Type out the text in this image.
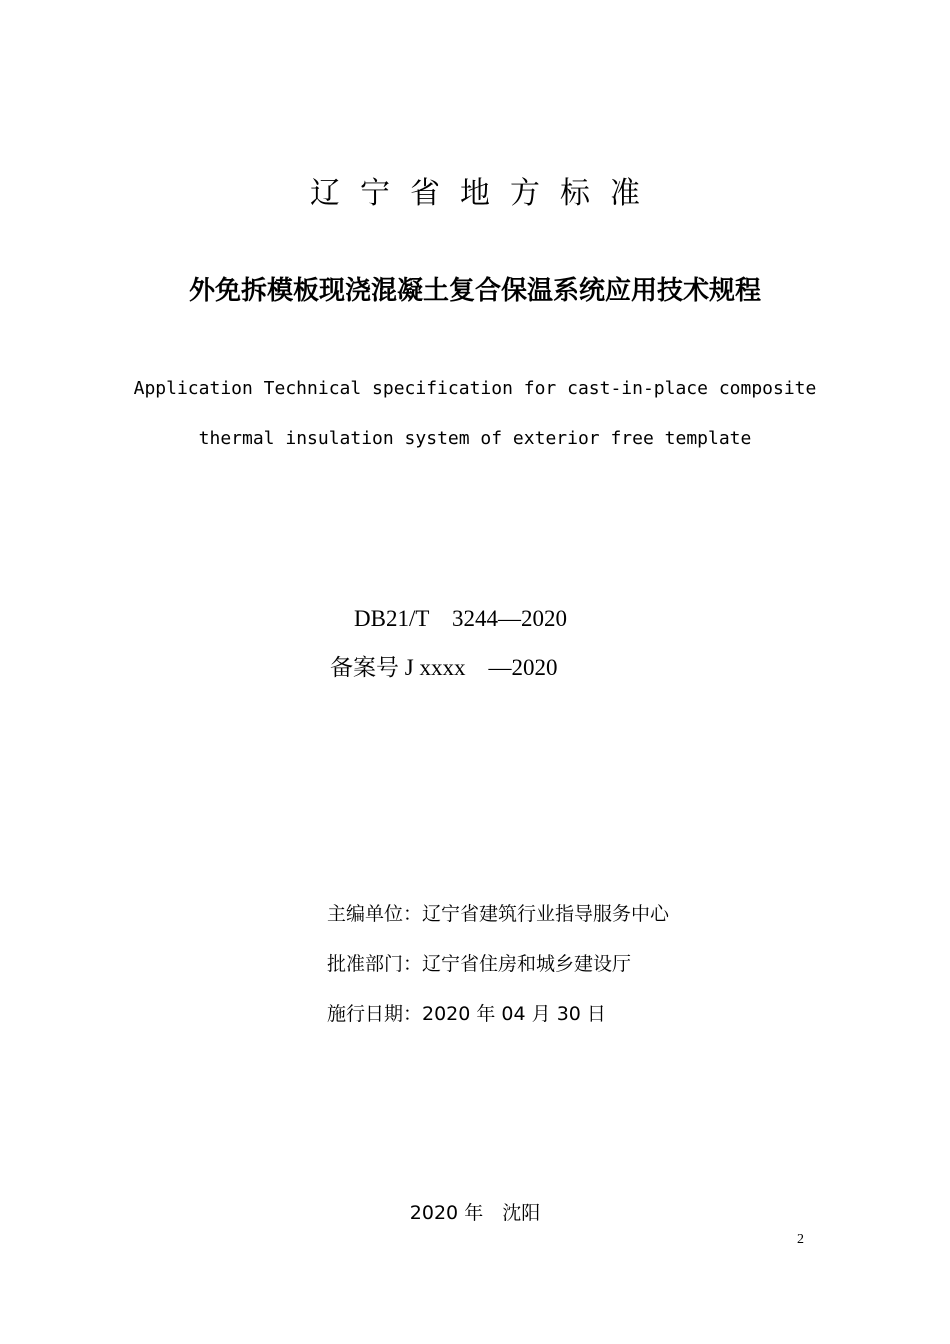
辽宁省地方标准
外免拆模板现浇混凝土复合保温系统应用技术规程
Application Technical specification for cast-in-place composite
thermal insulation system of exterior free template
DB21/T　3244—2020
备案号 J xxxx　—2020
主编单位：辽宁省建筑行业指导服务中心
批准部门：辽宁省住房和城乡建设厅
施行日期：2020 年 04 月 30 日
2020 年　沈阳
2
